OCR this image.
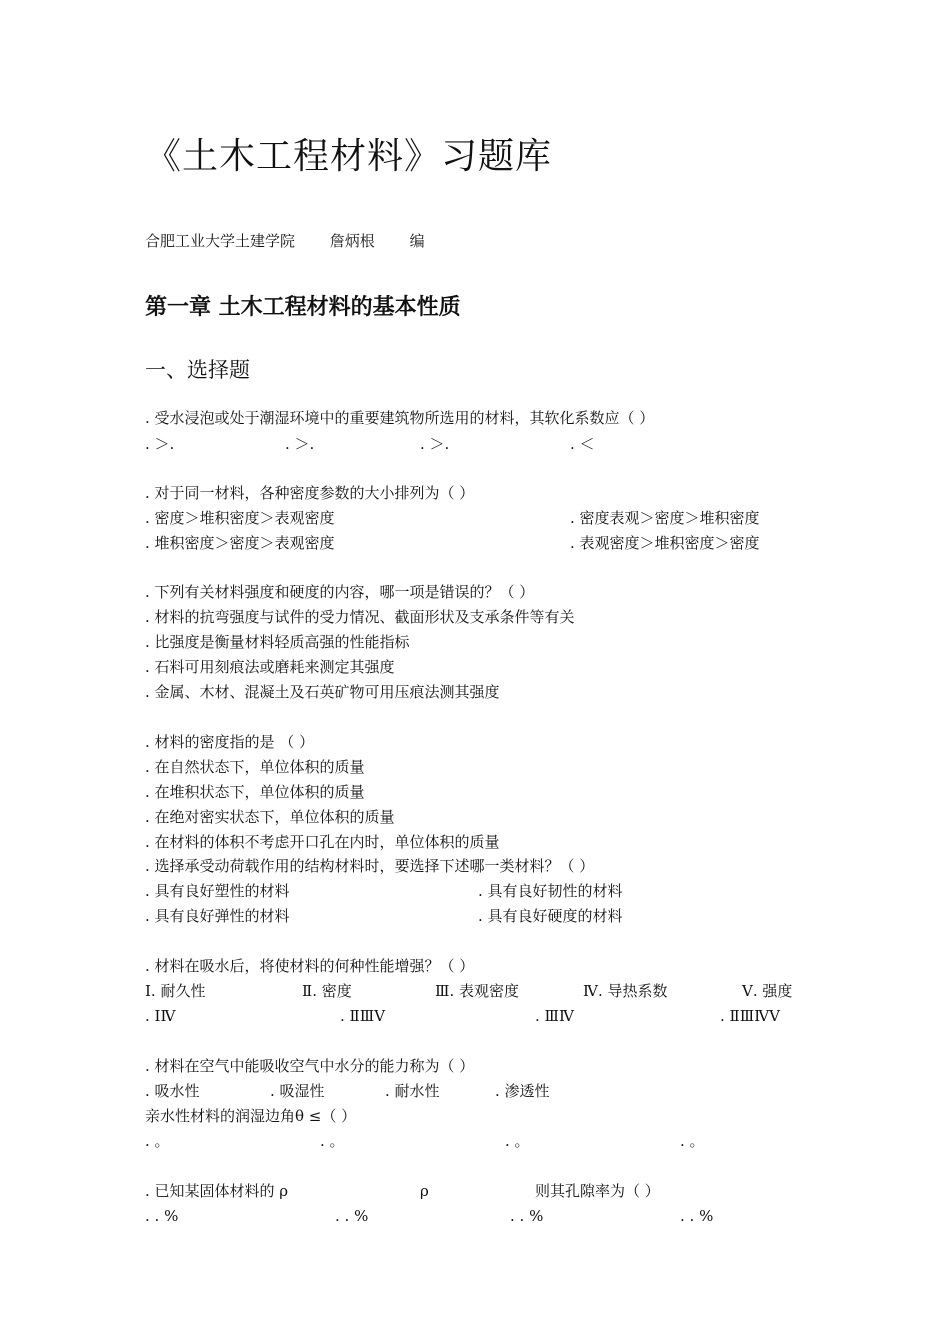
《土木工程材料》习题库
合肥工业大学土建学院 詹炳根 编
第一章 土木工程材料的基本性质
一、选择题
. 受水浸泡或处于潮湿环境中的重要建筑物所选用的材料，其软化系数应（ ）
. ＞.	. ＞.	. ＞.	. ＜
. 对于同一材料，各种密度参数的大小排列为（ ）
. 密度＞堆积密度＞表观密度	. 密度表观＞密度＞堆积密度
. 堆积密度＞密度＞表观密度	. 表观密度＞堆积密度＞密度
. 下列有关材料强度和硬度的内容，哪一项是错误的？（ ）
. 材料的抗弯强度与试件的受力情况、截面形状及支承条件等有关
. 比强度是衡量材料轻质高强的性能指标
. 石料可用刻痕法或磨耗来测定其强度
. 金属、木材、混凝土及石英矿物可用压痕法测其强度
. 材料的密度指的是 （ ）
. 在自然状态下，单位体积的质量
. 在堆积状态下，单位体积的质量
. 在绝对密实状态下，单位体积的质量
. 在材料的体积不考虑开口孔在内时，单位体积的质量
. 选择承受动荷载作用的结构材料时，要选择下述哪一类材料？（ ）
. 具有良好塑性的材料	. 具有良好韧性的材料
. 具有良好弹性的材料	. 具有良好硬度的材料
. 材料在吸水后，将使材料的何种性能增强？（ ）
Ⅰ. 耐久性	Ⅱ. 密度	Ⅲ. 表观密度	Ⅳ. 导热系数	Ⅴ. 强度
. ⅠⅣ	. ⅡⅢⅤ	. ⅢⅣ	. ⅡⅢⅣⅤ
. 材料在空气中能吸收空气中水分的能力称为（ ）
. 吸水性	. 吸湿性	. 耐水性	. 渗透性
亲水性材料的润湿边角θ ≤（ ）
. 。	. 。	. 。	. 。
. 已知某固体材料的 ρ	ρ	则其孔隙率为（ ）
. . %	. . %	. . %	. . %
